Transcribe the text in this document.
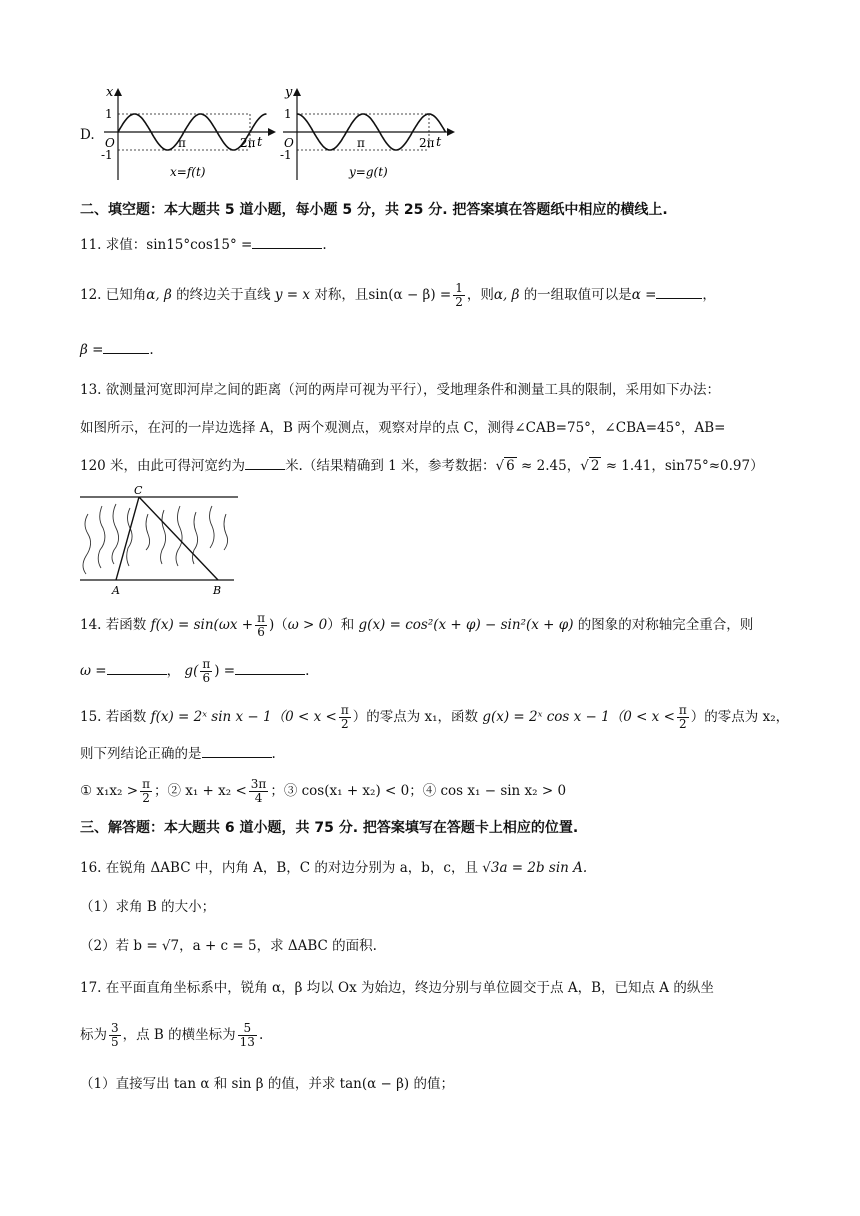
D.
x
t
1
-1
O	π	2π
x=f(t)
y
t
1
-1
O	π	2π
y=g(t)
二、填空题：本大题共 5 道小题，每小题 5 分，共 25 分. 把答案填在答题纸中相应的横线上.
11. 求值：sin15°cos15° =	.
12. 已知角α, β 的终边关于直线 y = x 对称，且$\sin(\alpha - \beta) = \frac{1}{2}$ ，则α, β 的一组取值可以是α =	，
β =	.
13. 欲测量河宽即河岸之间的距离（河的两岸可视为平行），受地理条件和测量工具的限制，采用如下办法：
如图所示，在河的一岸边选择 A，B 两个观测点，观察对岸的点 C，测得∠CAB=75°，∠CBA=45°，AB=
120 米，由此可得河宽约为	米.（结果精确到 1 米，参考数据：√ 6 ≈ 2.45，√ 2 ≈ 1.41，sin75°≈0.97）
C
A	B
14. 若函数 $f(x) = \sin(\omega x + \frac{\pi}{6} )(\omega > 0)$和 g(x) = cos²(x + φ) − sin²(x + φ) 的图象的对称轴完全重合，则
ω =	， $g( \frac{\pi}{6}$ ) =	.
15. 若函数 f(x) = 2ˣ $\sin x - 1(0 < x < \frac{\pi}{2}$ ）的零点为 x₁，函数 g(x) = 2ˣ $\cos x - 1(0 < x < \frac{\pi}{2}$ ）的零点为 x₂，
则下列结论正确的是	.
① $x_1x_2 > \frac{\pi}{2}$ ；② $x_1 + x_2 < \frac{3\pi}{4}$ ；③ cos(x₁ + x₂) < 0；④ cos x₁ − sin x₂ > 0
三、解答题：本大题共 6 道小题，共 75 分. 把答案填写在答题卡上相应的位置.
16. 在锐角 ΔABC 中，内角 A，B，C 的对边分别为 a，b，c，且 √3a = 2b sin A.
（1）求角 B 的大小；
（2）若 b = √7，a + c = 5，求 ΔABC 的面积.
17. 在平面直角坐标系中，锐角 α，β 均以 Ox 为始边，终边分别与单位圆交于点 A，B，已知点 A 的纵坐
标为 $\frac{3}{5}$ ，点 B 的横坐标为 $\frac{5}{13}$ .
（1）直接写出 tan α 和 sin β 的值，并求 tan(α − β) 的值；
